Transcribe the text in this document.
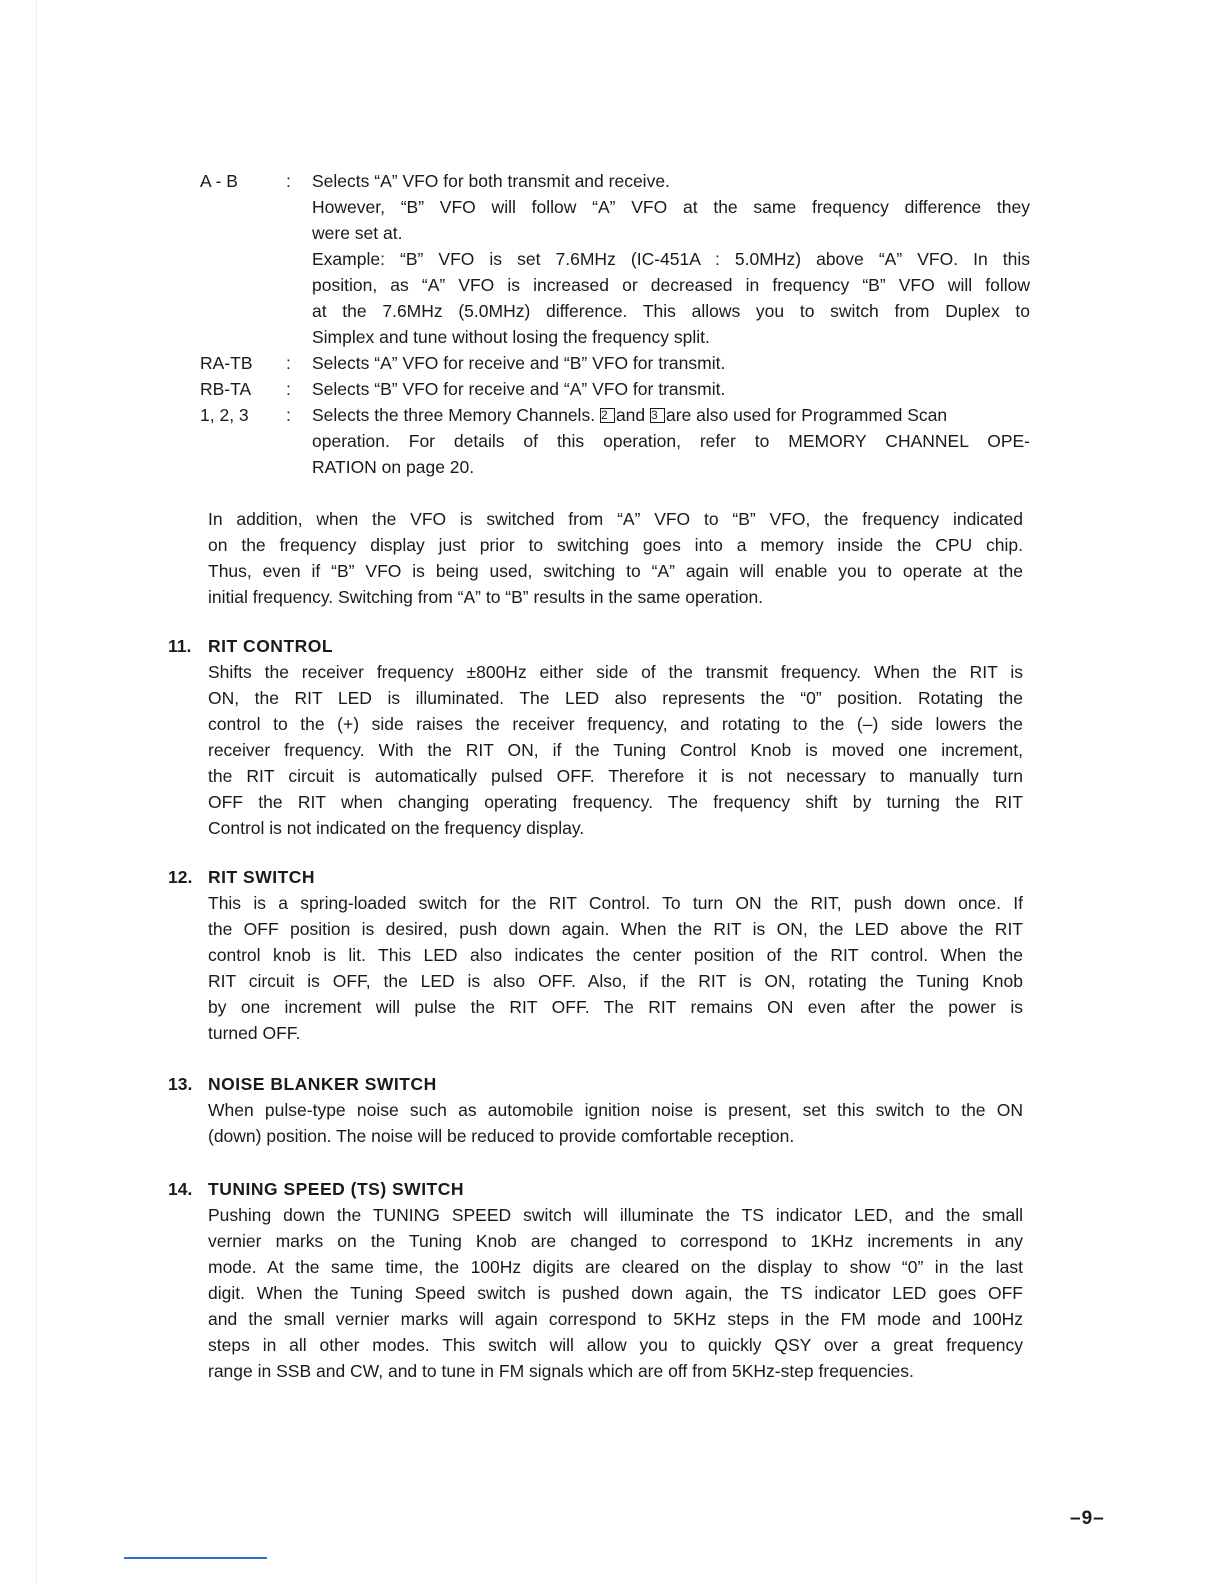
A - B	:	Selects “A” VFO for both transmit and receive.
However, “B” VFO will follow “A” VFO at the same frequency difference they
were set at.
Example: “B” VFO is set 7.6MHz (IC-451A : 5.0MHz) above “A” VFO. In this
position, as “A” VFO is increased or decreased in frequency “B” VFO will follow
at the 7.6MHz (5.0MHz) difference. This allows you to switch from Duplex to
Simplex and tune without losing the frequency split.
RA-TB	:	Selects “A” VFO for receive and “B” VFO for transmit.
RB-TA	:	Selects “B” VFO for receive and “A” VFO for transmit.
1, 2, 3	:	Selects the three Memory Channels. 2 and 3 are also used for Programmed Scan
operation. For details of this operation, refer to MEMORY CHANNEL OPE-
RATION on page 20.
In addition, when the VFO is switched from “A” VFO to “B” VFO, the frequency indicated
on the frequency display just prior to switching goes into a memory inside the CPU chip.
Thus, even if “B” VFO is being used, switching to “A” again will enable you to operate at the
initial frequency. Switching from “A” to “B” results in the same operation.
11. RIT CONTROL
Shifts the receiver frequency ±800Hz either side of the transmit frequency. When the RIT is
ON, the RIT LED is illuminated. The LED also represents the “0” position. Rotating the
control to the (+) side raises the receiver frequency, and rotating to the (–) side lowers the
receiver frequency. With the RIT ON, if the Tuning Control Knob is moved one increment,
the RIT circuit is automatically pulsed OFF. Therefore it is not necessary to manually turn
OFF the RIT when changing operating frequency. The frequency shift by turning the RIT
Control is not indicated on the frequency display.
12. RIT SWITCH
This is a spring-loaded switch for the RIT Control. To turn ON the RIT, push down once. If
the OFF position is desired, push down again. When the RIT is ON, the LED above the RIT
control knob is lit. This LED also indicates the center position of the RIT control. When the
RIT circuit is OFF, the LED is also OFF. Also, if the RIT is ON, rotating the Tuning Knob
by one increment will pulse the RIT OFF. The RIT remains ON even after the power is
turned OFF.
13. NOISE BLANKER SWITCH
When pulse-type noise such as automobile ignition noise is present, set this switch to the ON
(down) position. The noise will be reduced to provide comfortable reception.
14. TUNING SPEED (TS) SWITCH
Pushing down the TUNING SPEED switch will illuminate the TS indicator LED, and the small
vernier marks on the Tuning Knob are changed to correspond to 1KHz increments in any
mode. At the same time, the 100Hz digits are cleared on the display to show “0” in the last
digit. When the Tuning Speed switch is pushed down again, the TS indicator LED goes OFF
and the small vernier marks will again correspond to 5KHz steps in the FM mode and 100Hz
steps in all other modes. This switch will allow you to quickly QSY over a great frequency
range in SSB and CW, and to tune in FM signals which are off from 5KHz-step frequencies.
–9–
